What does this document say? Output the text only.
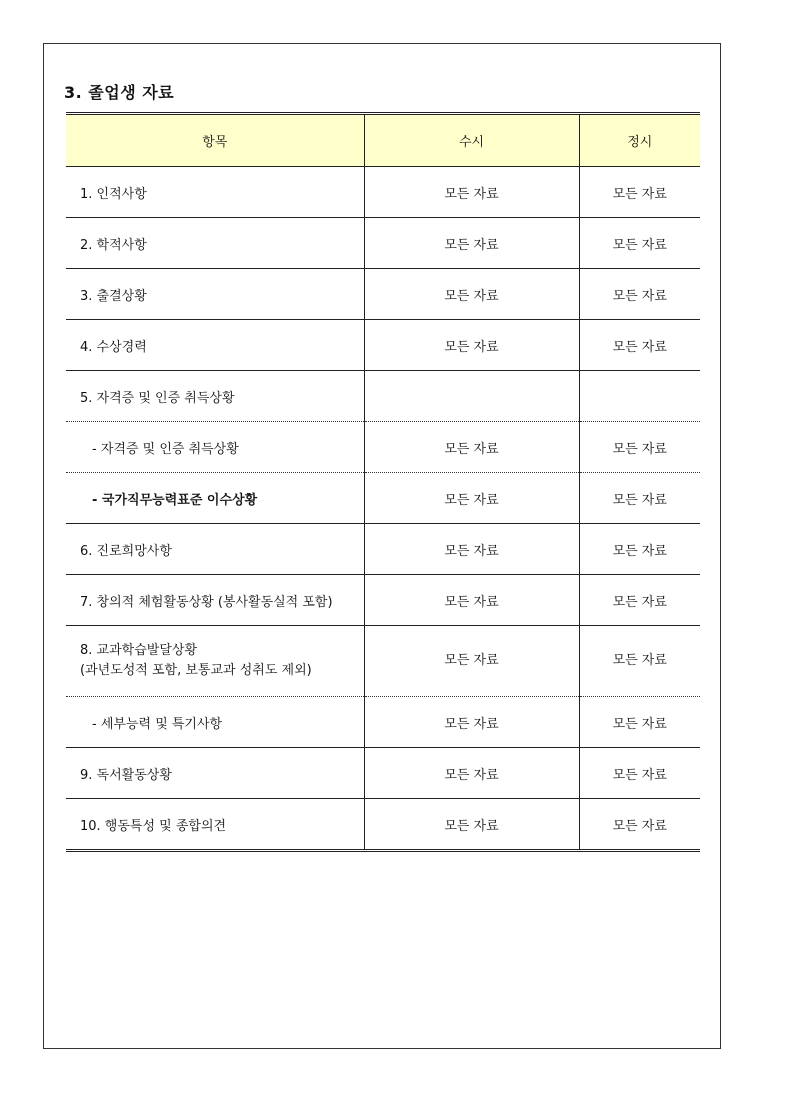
3. 졸업생 자료
항목	수시	정시
1. 인적사항	모든 자료	모든 자료
2. 학적사항	모든 자료	모든 자료
3. 출결상황	모든 자료	모든 자료
4. 수상경력	모든 자료	모든 자료
5. 자격증 및 인증 취득상황		
- 자격증 및 인증 취득상황	모든 자료	모든 자료
- 국가직무능력표준 이수상황	모든 자료	모든 자료
6. 진로희망사항	모든 자료	모든 자료
7. 창의적 체험활동상황 (봉사활동실적 포함)	모든 자료	모든 자료

8. 교과학습발달상황
(과년도성적 포함, 보통교과 성취도 제외)	모든 자료	모든 자료
- 세부능력 및 특기사항	모든 자료	모든 자료
9. 독서활동상황	모든 자료	모든 자료
10. 행동특성 및 종합의견	모든 자료	모든 자료
